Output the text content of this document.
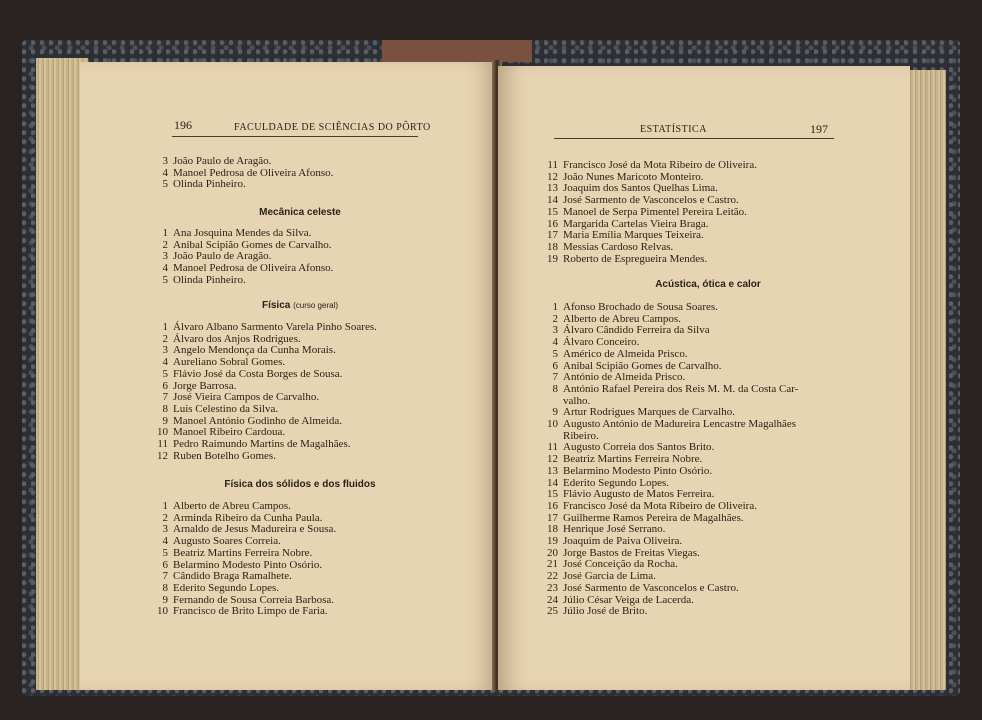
196	FACULDADE DE SCIÊNCIAS DO PÔRTO
3 João Paulo de Aragão.
4 Manoel Pedrosa de Oliveira Afonso.
5 Olinda Pinheiro.
Mecânica celeste
1 Ana Josquina Mendes da Silva.
2 Anibal Scipião Gomes de Carvalho.
3 João Paulo de Aragão.
4 Manoel Pedrosa de Oliveira Afonso.
5 Olinda Pinheiro.
Física (curso geral)
1 Álvaro Albano Sarmento Varela Pinho Soares.
2 Álvaro dos Anjos Rodrigues.
3 Angelo Mendonça da Cunha Morais.
4 Aureliano Sobral Gomes.
5 Flávio José da Costa Borges de Sousa.
6 Jorge Barrosa.
7 José Vieira Campos de Carvalho.
8 Luis Celestino da Silva.
9 Manoel António Godinho de Almeida.
10 Manoel Ribeiro Cardoua.
11 Pedro Raimundo Martins de Magalhães.
12 Ruben Botelho Gomes.
Física dos sólidos e dos fluidos
1 Alberto de Abreu Campos.
2 Arminda Ribeiro da Cunha Paula.
3 Arnaldo de Jesus Madureira e Sousa.
4 Augusto Soares Correia.
5 Beatriz Martins Ferreira Nobre.
6 Belarmino Modesto Pinto Osório.
7 Cândido Braga Ramalhete.
8 Ederito Segundo Lopes.
9 Fernando de Sousa Correia Barbosa.
10 Francisco de Brito Limpo de Faria.
ESTATÍSTICA	197
11 Francisco José da Mota Ribeiro de Oliveira.
12 João Nunes Maricoto Monteiro.
13 Joaquim dos Santos Quelhas Lima.
14 José Sarmento de Vasconcelos e Castro.
15 Manoel de Serpa Pimentel Pereira Leitão.
16 Margarida Cartelas Vieira Braga.
17 Maria Emília Marques Teixeira.
18 Messias Cardoso Relvas.
19 Roberto de Espregueira Mendes.
Acústica, ótica e calor
1 Afonso Brochado de Sousa Soares.
2 Alberto de Abreu Campos.
3 Álvaro Cândido Ferreira da Silva
4 Álvaro Conceiro.
5 Américo de Almeida Prisco.
6 Anibal Scipião Gomes de Carvalho.
7 António de Almeida Prisco.
8 António Rafael Pereira dos Reis M. M. da Costa Car-
valho.
9 Artur Rodrigues Marques de Carvalho.
10 Augusto António de Madureira Lencastre Magalhães
Ribeiro.
11 Augusto Correia dos Santos Brito.
12 Beatriz Martins Ferreira Nobre.
13 Belarmino Modesto Pinto Osório.
14 Ederito Segundo Lopes.
15 Flávio Augusto de Matos Ferreira.
16 Francisco José da Mota Ribeiro de Oliveira.
17 Guilherme Ramos Pereira de Magalhães.
18 Henrique José Serrano.
19 Joaquim de Paiva Oliveira.
20 Jorge Bastos de Freitas Viegas.
21 José Conceição da Rocha.
22 José Garcia de Lima.
23 José Sarmento de Vasconcelos e Castro.
24 Júlio César Veiga de Lacerda.
25 Júlio José de Brito.
